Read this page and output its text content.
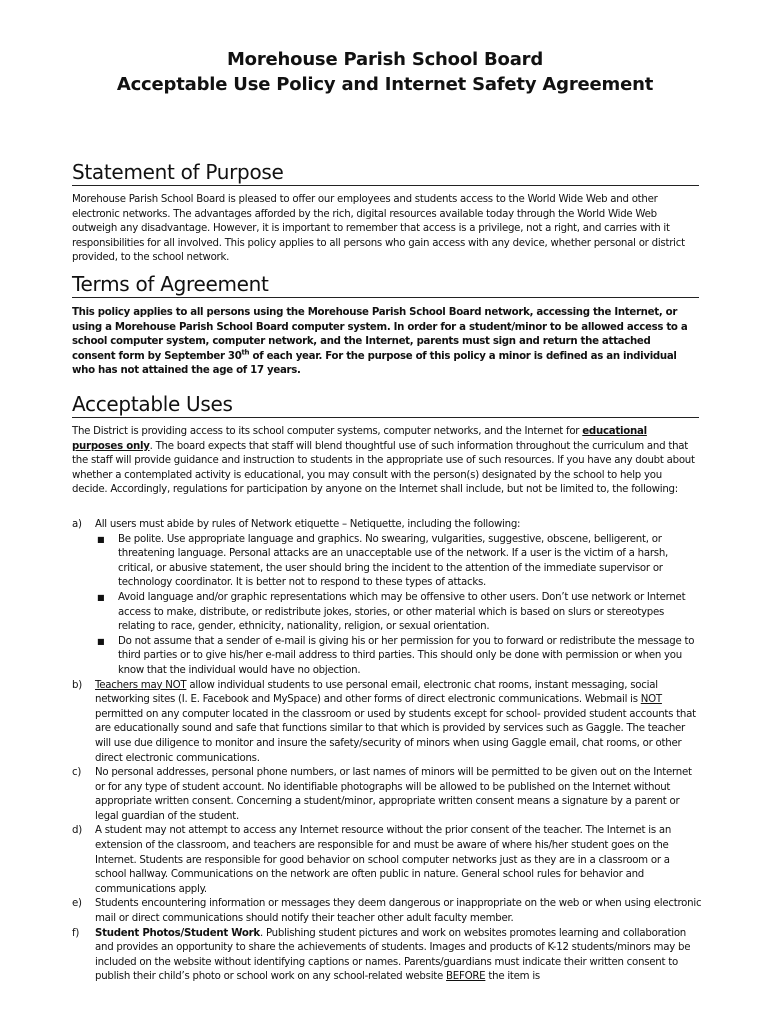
Morehouse Parish School Board
Acceptable Use Policy and Internet Safety Agreement
Statement of Purpose

Morehouse Parish School Board is pleased to offer our employees and students access to the World Wide Web and other electronic networks. The advantages afforded by the rich, digital resources available today through the World Wide Web outweigh any disadvantage. However, it is important to remember that access is a privilege, not a right, and carries with it responsibilities for all involved. This policy applies to all persons who gain access with any device, whether personal or district provided, to the school network.

Terms of Agreement

This policy applies to all persons using the Morehouse Parish School Board network, accessing the Internet, or using a Morehouse Parish School Board computer system. In order for a student/minor to be allowed access to a school computer system, computer network, and the Internet, parents must sign and return the attached consent form by September 30th of each year. For the purpose of this policy a minor is defined as an individual who has not attained the age of 17 years.

Acceptable Uses

The District is providing access to its school computer systems, computer networks, and the Internet for educational purposes only. The board expects that staff will blend thoughtful use of such information throughout the curriculum and that the staff will provide guidance and instruction to students in the appropriate use of such resources. If you have any doubt about whether a contemplated activity is educational, you may consult with the person(s) designated by the school to help you decide. Accordingly, regulations for participation by anyone on the Internet shall include, but not be limited to, the following:

a) All users must abide by rules of Network etiquette – Netiquette, including the following:
■ Be polite. Use appropriate language and graphics. No swearing, vulgarities, suggestive, obscene, belligerent, or threatening language. Personal attacks are an unacceptable use of the network. If a user is the victim of a harsh, critical, or abusive statement, the user should bring the incident to the attention of the immediate supervisor or technology coordinator. It is better not to respond to these types of attacks.
■ Avoid language and/or graphic representations which may be offensive to other users. Don’t use network or Internet access to make, distribute, or redistribute jokes, stories, or other material which is based on slurs or stereotypes relating to race, gender, ethnicity, nationality, religion, or sexual orientation.
■ Do not assume that a sender of e-mail is giving his or her permission for you to forward or redistribute the message to third parties or to give his/her e-mail address to third parties. This should only be done with permission or when you know that the individual would have no objection.
b) Teachers may NOT allow individual students to use personal email, electronic chat rooms, instant messaging, social networking sites (I. E. Facebook and MySpace) and other forms of direct electronic communications. Webmail is NOT permitted on any computer located in the classroom or used by students except for school- provided student accounts that are educationally sound and safe that functions similar to that which is provided by services such as Gaggle. The teacher will use due diligence to monitor and insure the safety/security of minors when using Gaggle email, chat rooms, or other direct electronic communications.
c) No personal addresses, personal phone numbers, or last names of minors will be permitted to be given out on the Internet or for any type of student account. No identifiable photographs will be allowed to be published on the Internet without appropriate written consent. Concerning a student/minor, appropriate written consent means a signature by a parent or legal guardian of the student.
d) A student may not attempt to access any Internet resource without the prior consent of the teacher. The Internet is an extension of the classroom, and teachers are responsible for and must be aware of where his/her student goes on the Internet. Students are responsible for good behavior on school computer networks just as they are in a classroom or a school hallway. Communications on the network are often public in nature. General school rules for behavior and communications apply.
e) Students encountering information or messages they deem dangerous or inappropriate on the web or when using electronic mail or direct communications should notify their teacher other adult faculty member.
f) Student Photos/Student Work. Publishing student pictures and work on websites promotes learning and collaboration and provides an opportunity to share the achievements of students. Images and products of K-12 students/minors may be included on the website without identifying captions or names. Parents/guardians must indicate their written consent to publish their child’s photo or school work on any school-related website BEFORE the item is
